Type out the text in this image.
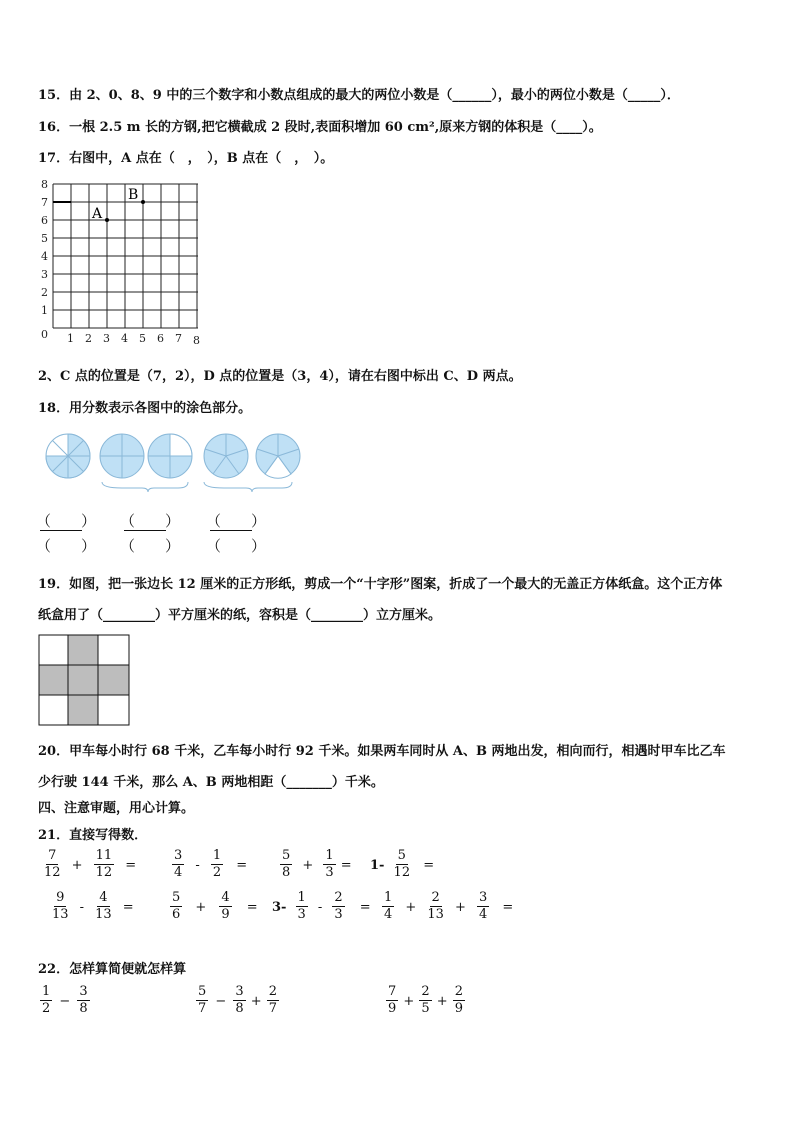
15．由 2、0、8、9 中的三个数字和小数点组成的最大的两位小数是（______），最小的两位小数是（_____）．
16．一根 2.5 m 长的方钢,把它横截成 2 段时,表面积增加 60 cm²,原来方钢的体积是（____）。
17．右图中，A 点在（　，　），B 点在（　，　）。
A
B
8
7
6
5
4
3
2
1
0 1 2 3 4 5 6 7 8
2、C 点的位置是（7，2），D 点的位置是（3，4），请在右图中标出 C、D 两点。
18．用分数表示各图中的涂色部分。
（　　）
（　　）
（　　）
（　　）
（　　）
（　　）
19．如图，把一张边长 12 厘米的正方形纸，剪成一个“十字形”图案，折成了一个最大的无盖正方体纸盒。这个正方体
纸盒用了（________）平方厘米的纸，容积是（________）立方厘米。
20．甲车每小时行 68 千米，乙车每小时行 92 千米。如果两车同时从 A、B 两地出发，相向而行，相遇时甲车比乙车
少行驶 144 千米，那么 A、B 两地相距（_______）千米。
四、注意审题，用心计算。
21．直接写得数．
$\frac{7}{12} + \frac{11}{12}$ =	$\frac{3}{4} - \frac{1}{2}$ =	$\frac{5}{8} + \frac{1}{3} = 1- \frac{5}{12}$ =
$\frac{9}{13} - \frac{4}{13}$ =	$\frac{5}{6} + \frac{4}{9} = 3- \frac{1}{3} - \frac{2}{3} = \frac{1}{4} + \frac{2}{13} + \frac{3}{4}$ =
22．怎样算简便就怎样算
$\frac{1}{2} - \frac{3}{8}$	$\frac{5}{7} - \frac{3}{8} + \frac{2}{7}$	$\frac{7}{9} + \frac{2}{5} + \frac{2}{9}$
